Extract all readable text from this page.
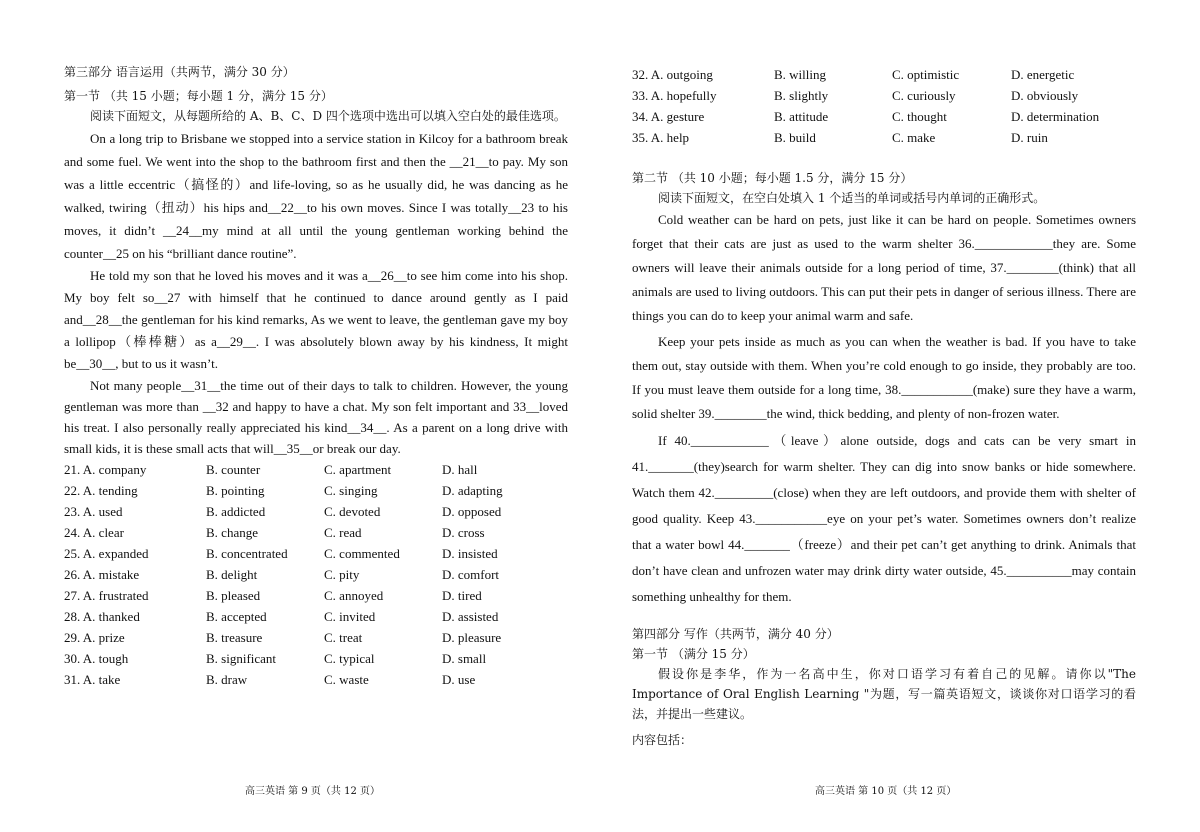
第三部分 语言运用（共两节，满分 30 分）
第一节 （共 15 小题；每小题 1 分，满分 15 分）

阅读下面短文，从每题所给的 A、B、C、D 四个选项中选出可以填入空白处的最佳选项。

On a long trip to Brisbane we stopped into a service station in Kilcoy for a bathroom break and some fuel. We went into the shop to the bathroom first and then the __21__to pay. My son was a little eccentric（搞怪的）and life-loving, so as he usually did, he was dancing as he walked, twiring（扭动）his hips and__22__to his own moves. Since I was totally__23 to his moves, it didn’t __24__my mind at all until the young gentleman working behind the counter__25 on his “brilliant dance routine”.

He told my son that he loved his moves and it was a__26__to see him come into his shop. My boy felt so__27 with himself that he continued to dance around gently as I paid and__28__the gentleman for his kind remarks, As we went to leave, the gentleman gave my boy a lollipop（棒棒糖）as a__29__. I was absolutely blown away by his kindness, It might be__30__, but to us it wasn’t.

Not many people__31__the time out of their days to talk to children. However, the young gentleman was more than __32 and happy to have a chat. My son felt important and 33__loved his treat. I also personally really appreciated his kind__34__. As a parent on a long drive with small kids, it is these small acts that will__35__or break our day.

21. A. company	B. counter	C. apartment	D. hall
22. A. tending	B. pointing	C. singing	D. adapting
23. A. used	B. addicted	C. devoted	D. opposed
24. A. clear	B. change	C. read	D. cross
25. A. expanded	B. concentrated	C. commented	D. insisted
26. A. mistake	B. delight	C. pity	D. comfort
27. A. frustrated	B. pleased	C. annoyed	D. tired
28. A. thanked	B. accepted	C. invited	D. assisted
29. A. prize	B. treasure	C. treat	D. pleasure
30. A. tough	B. significant	C. typical	D. small
31. A. take	B. draw	C. waste	D. use
高三英语 第 9 页（共 12 页）
32. A. outgoing	B. willing	C. optimistic	D. energetic
33. A. hopefully	B. slightly	C. curiously	D. obviously
34. A. gesture	B. attitude	C. thought	D. determination
35. A. help	B. build	C. make	D. ruin
第二节 （共 10 小题；每小题 1.5 分，满分 15 分）

阅读下面短文，在空白处填入 1 个适当的单词或括号内单词的正确形式。

Cold weather can be hard on pets, just like it can be hard on people. Sometimes owners forget that their cats are just as used to the warm shelter 36.____________they are. Some owners will leave their animals outside for a long period of time, 37.________(think) that all animals are used to living outdoors. This can put their pets in danger of serious illness. There are things you can do to keep your animal warm and safe.

Keep your pets inside as much as you can when the weather is bad. If you have to take them out, stay outside with them. When you’re cold enough to go inside, they probably are too. If you must leave them outside for a long time, 38.___________(make) sure they have a warm, solid shelter 39.________the wind, thick bedding, and plenty of non-frozen water.

If 40.____________（leave）alone outside, dogs and cats can be very smart in 41._______(they)search for warm shelter. They can dig into snow banks or hide somewhere. Watch them 42._________(close) when they are left outdoors, and provide them with shelter of good quality. Keep 43.___________eye on your pet’s water. Sometimes owners don’t realize that a water bowl 44._______（freeze）and their pet can’t get anything to drink. Animals that don’t have clean and unfrozen water may drink dirty water outside, 45.__________may contain something unhealthy for them.

第四部分 写作（共两节，满分 40 分）
第一节 （满分 15 分）

假设你是李华，作为一名高中生，你对口语学习有着自己的见解。请你以"The Importance of Oral English Learning "为题，写一篇英语短文，谈谈你对口语学习的看法，并提出一些建议。

内容包括：
高三英语 第 10 页（共 12 页）
